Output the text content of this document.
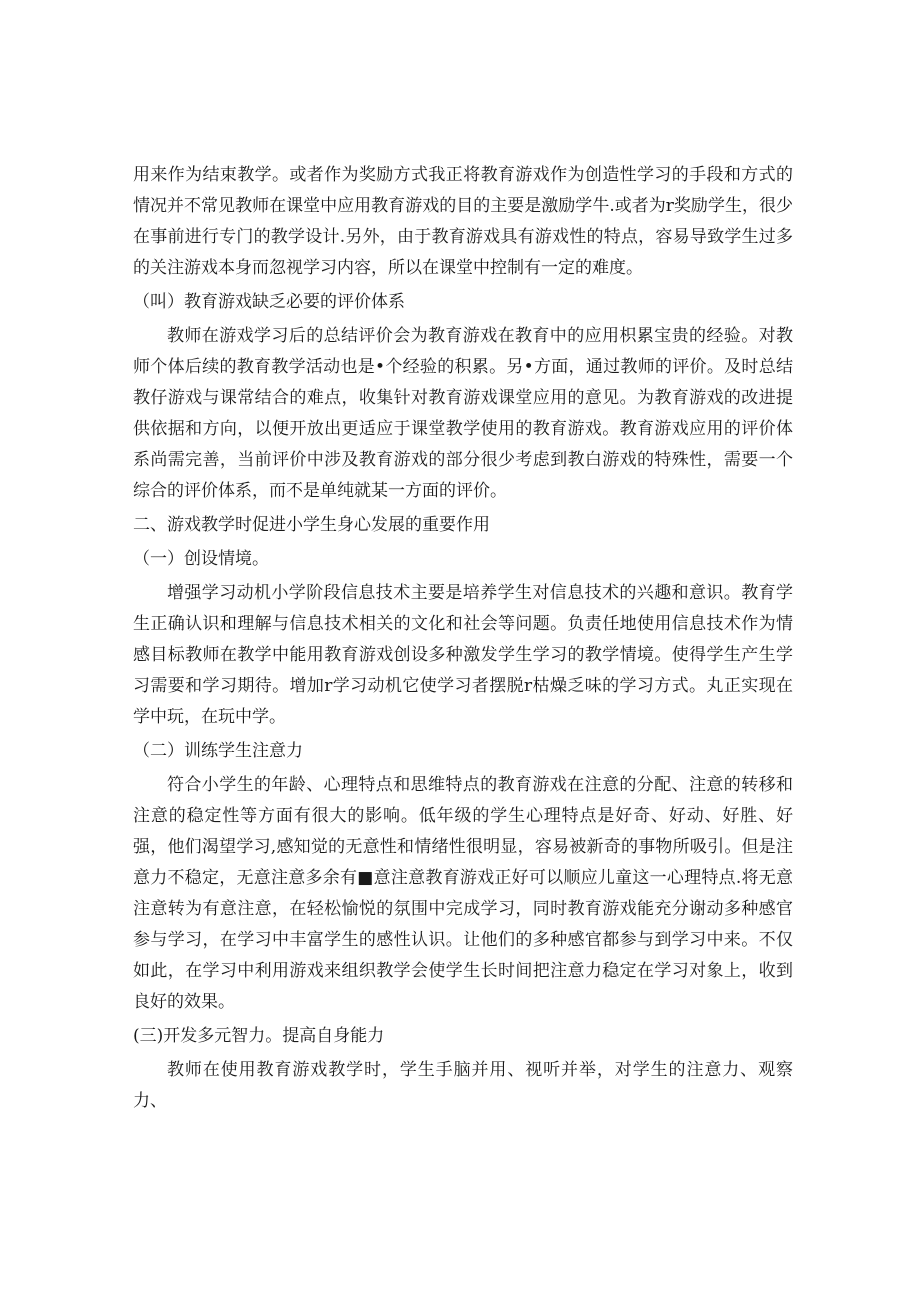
用来作为结束教学。或者作为奖励方式我正将教育游戏作为创造性学习的手段和方式的情况并不常见教师在课堂中应用教育游戏的目的主要是激励学牛.或者为r奖励学生，很少在事前进行专门的教学设计.另外，由于教育游戏具有游戏性的特点，容易导致学生过多的关注游戏本身而忽视学习内容，所以在课堂中控制有一定的难度。

（叫）教育游戏缺乏必要的评价体系

教师在游戏学习后的总结评价会为教育游戏在教育中的应用枳累宝贵的经验。对教师个体后续的教育教学活动也是•个经验的积累。另•方面，通过教师的评价。及时总结教仔游戏与课常结合的难点，收集针对教育游戏课堂应用的意见。为教育游戏的改进提供依据和方向，以便开放出更适应于课堂教学使用的教育游戏。教育游戏应用的评价体系尚需完善，当前评价中涉及教育游戏的部分很少考虑到教白游戏的特殊性，需要一个综合的评价体系，而不是单纯就某一方面的评价。

二、游戏教学时促进小学生身心发展的重要作用

（一）创设情境。

增强学习动机小学阶段信息技术主要是培养学生对信息技术的兴趣和意识。教育学生正确认识和理解与信息技术相关的文化和社会等问题。负责任地使用信息技术作为情感目标教师在教学中能用教育游戏创设多种激发学生学习的教学情境。使得学生产生学习需要和学习期待。增加r学习动机它使学习者摆脱r枯燥乏味的学习方式。丸正实现在学中玩，在玩中学。

（二）训练学生注意力

符合小学生的年龄、心理特点和思维特点的教育游戏在注意的分配、注意的转移和注意的稳定性等方面有很大的影响。低年级的学生心理特点是好奇、好动、好胜、好强，他们渴望学习,感知觉的无意性和情绪性很明显，容易被新奇的事物所吸引。但是注意力不稳定，无意注意多余有■意注意教育游戏正好可以顺应儿童这一心理特点.将无意注意转为有意注意，在轻松愉悦的氛围中完成学习，同时教育游戏能充分谢动多种感官参与学习，在学习中丰富学生的感性认识。让他们的多种感官都参与到学习中来。不仅如此，在学习中利用游戏来组织教学会使学生长时间把注意力稳定在学习对象上，收到良好的效果。

(三)开发多元智力。提高自身能力

教师在使用教育游戏教学时，学生手脑并用、视听并举，对学生的注意力、观察力、
